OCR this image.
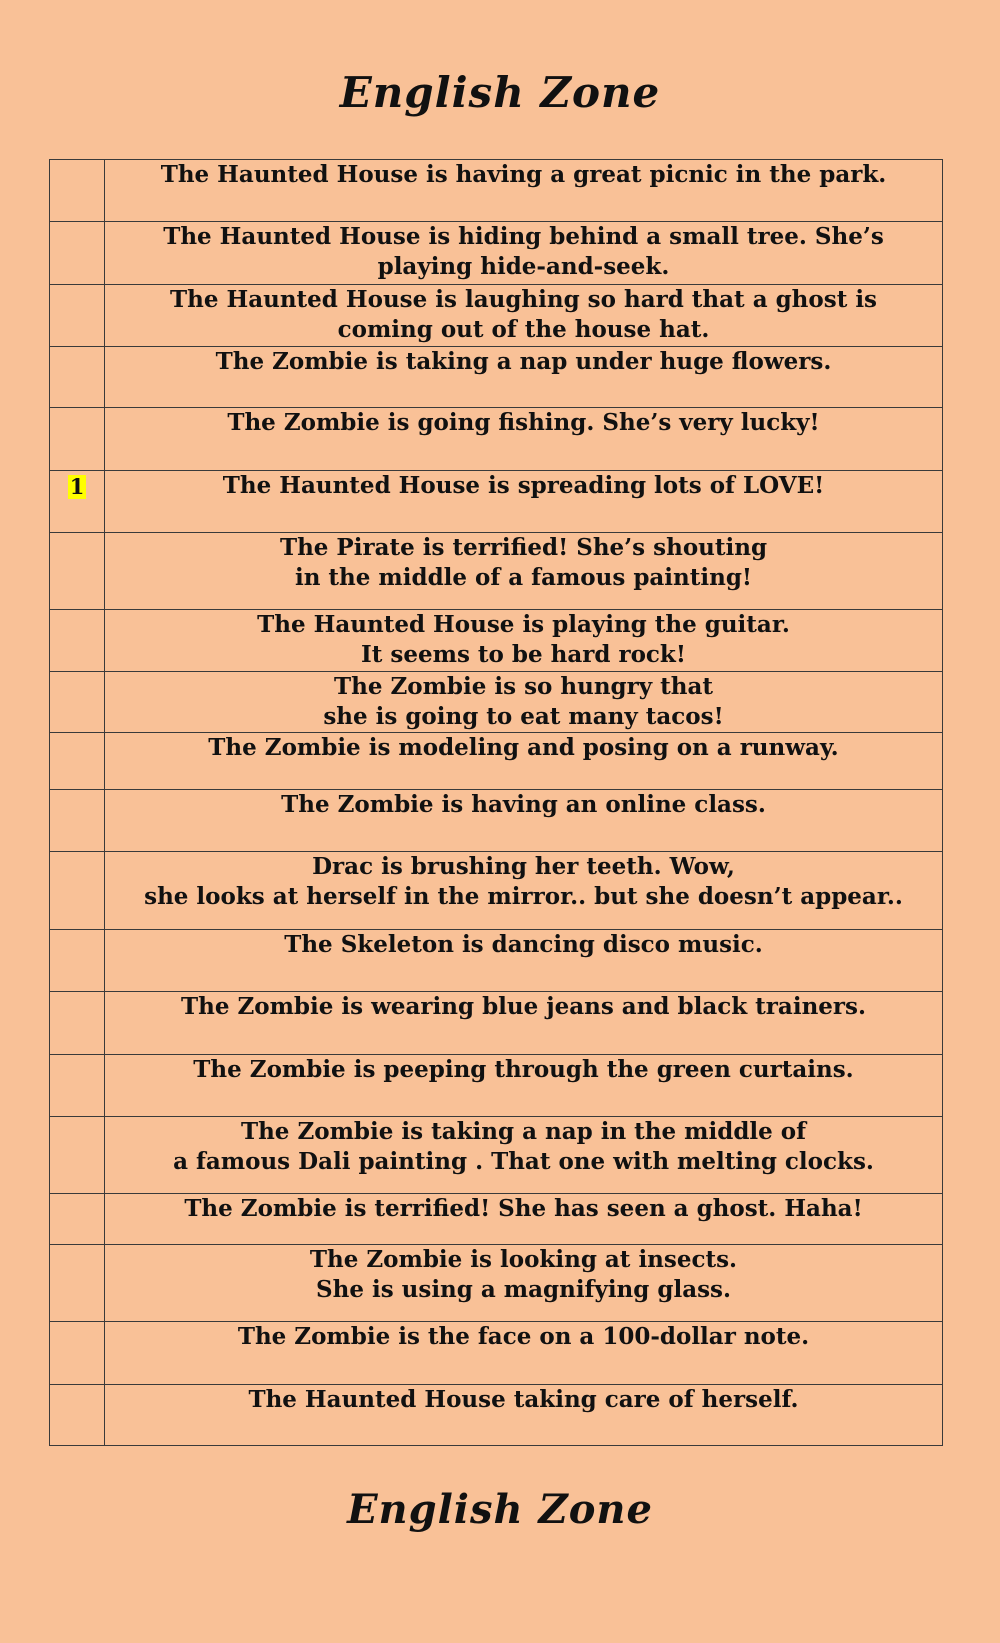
English Zone
	The Haunted House is having a great picnic in the park.
	The Haunted House is hiding behind a small tree. She’s
playing hide-and-seek.
	The Haunted House is laughing so hard that a ghost is
coming out of the house hat.
	The Zombie is taking a nap under huge flowers.
	The Zombie is going fishing. She’s very lucky!
1	The Haunted House is spreading lots of LOVE!
	The Pirate is terrified! She’s shouting
in the middle of a famous painting!
	The Haunted House is playing the guitar.
It seems to be hard rock!
	The Zombie is so hungry that
she is going to eat many tacos!
	The Zombie is modeling and posing on a runway.
	The Zombie is having an online class.
	Drac is brushing her teeth. Wow,
she looks at herself in the mirror.. but she doesn’t appear..
	The Skeleton is dancing disco music.
	The Zombie is wearing blue jeans and black trainers.
	The Zombie is peeping through the green curtains.
	The Zombie is taking a nap in the middle of
a famous Dali painting . That one with melting clocks.
	The Zombie is terrified! She has seen a ghost. Haha!
	The Zombie is looking at insects.
She is using a magnifying glass.
	The Zombie is the face on a 100-dollar note.
	The Haunted House taking care of herself.
English Zone
